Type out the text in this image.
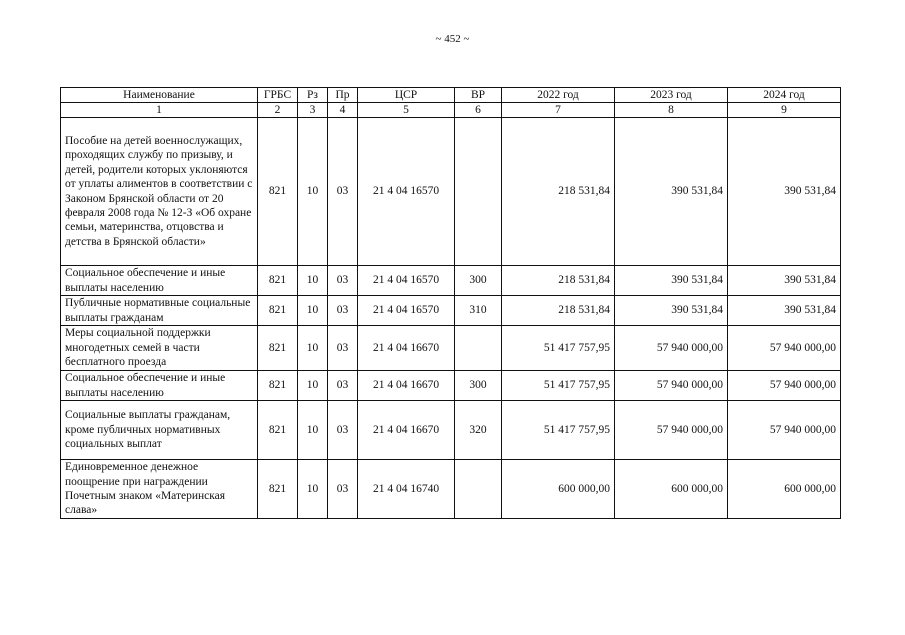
~ 452 ~
Наименование	ГРБС	Рз	Пр	ЦСР	ВР	2022 год	2023 год	2024 год
1	2	3	4	5	6	7	8	9
Пособие на детей военнослужащих, проходящих службу по призыву, и детей, родители которых уклоняются от уплаты алиментов в соответствии с Законом Брянской области от 20 февраля 2008 года № 12-З «Об охране семьи, материнства, отцовства и детства в Брянской области»	821	10	03	21 4 04 16570		218 531,84	390 531,84	390 531,84
Социальное обеспечение и иные выплаты населению	821	10	03	21 4 04 16570	300	218 531,84	390 531,84	390 531,84
Публичные нормативные социальные выплаты гражданам	821	10	03	21 4 04 16570	310	218 531,84	390 531,84	390 531,84
Меры социальной поддержки многодетных семей в части бесплатного проезда	821	10	03	21 4 04 16670		51 417 757,95	57 940 000,00	57 940 000,00
Социальное обеспечение и иные выплаты населению	821	10	03	21 4 04 16670	300	51 417 757,95	57 940 000,00	57 940 000,00
Социальные выплаты гражданам, кроме публичных нормативных социальных выплат	821	10	03	21 4 04 16670	320	51 417 757,95	57 940 000,00	57 940 000,00
Единовременное денежное поощрение при награждении Почетным знаком «Материнская слава»	821	10	03	21 4 04 16740		600 000,00	600 000,00	600 000,00
